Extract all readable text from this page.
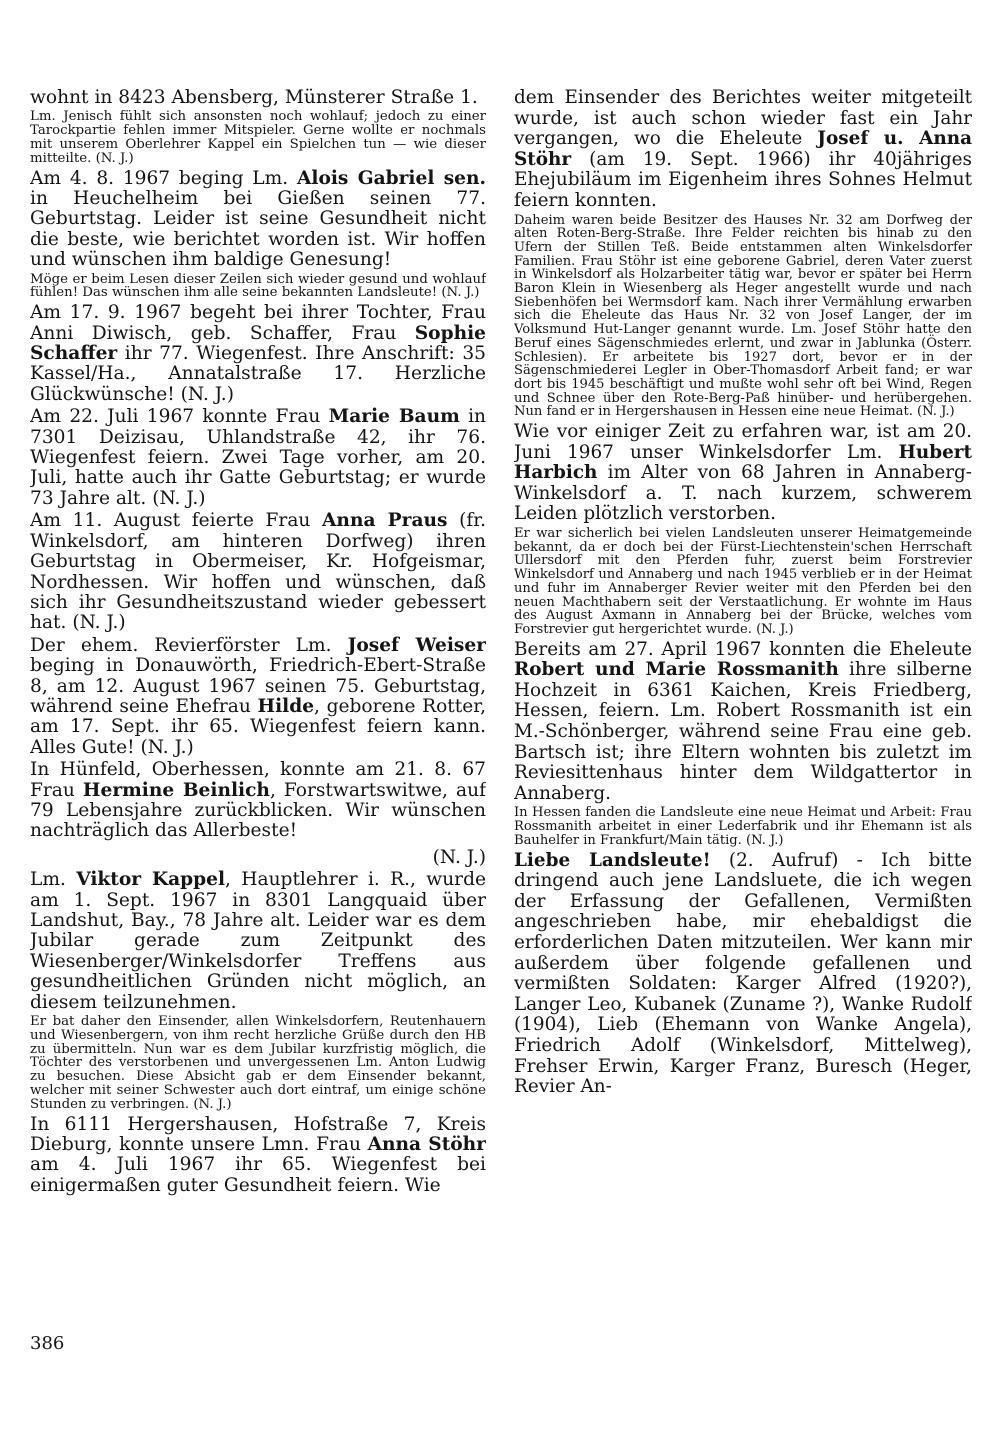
wohnt in 8423 Abensberg, Münsterer Straße 1.

Lm. Jenisch fühlt sich ansonsten noch wohlauf; jedoch zu einer Tarockpartie fehlen immer Mitspieler. Gerne wollte er nochmals mit unserem Oberlehrer Kappel ein Spielchen tun — wie dieser mitteilte. (N. J.)

Am 4. 8. 1967 beging Lm. Alois Gabriel sen. in Heuchelheim bei Gießen seinen 77. Geburtstag. Leider ist seine Gesundheit nicht die beste, wie berichtet worden ist. Wir hoffen und wünschen ihm baldige Genesung!

Möge er beim Lesen dieser Zeilen sich wieder gesund und wohlauf fühlen! Das wünschen ihm alle seine bekannten Landsleute! (N. J.)

Am 17. 9. 1967 begeht bei ihrer Tochter, Frau Anni Diwisch, geb. Schaffer, Frau Sophie Schaffer ihr 77. Wiegenfest. Ihre Anschrift: 35 Kassel/Ha., Annatalstraße 17. Herzliche Glückwünsche! (N. J.)

Am 22. Juli 1967 konnte Frau Marie Baum in 7301 Deizisau, Uhlandstraße 42, ihr 76. Wiegenfest feiern. Zwei Tage vorher, am 20. Juli, hatte auch ihr Gatte Geburtstag; er wurde 73 Jahre alt. (N. J.)

Am 11. August feierte Frau Anna Praus (fr. Winkelsdorf, am hinteren Dorfweg) ihren Geburtstag in Obermeiser, Kr. Hofgeismar, Nordhessen. Wir hoffen und wünschen, daß sich ihr Gesundheitszustand wieder gebessert hat. (N. J.)

Der ehem. Revierförster Lm. Josef Weiser beging in Donauwörth, Friedrich-Ebert-Straße 8, am 12. August 1967 seinen 75. Geburtstag, während seine Ehefrau Hilde, geborene Rotter, am 17. Sept. ihr 65. Wiegenfest feiern kann. Alles Gute! (N. J.)

In Hünfeld, Oberhessen, konnte am 21. 8. 67 Frau Hermine Beinlich, Forstwartswitwe, auf 79 Lebensjahre zurückblicken. Wir wünschen nachträglich das Allerbeste!

(N. J.)

Lm. Viktor Kappel, Hauptlehrer i. R., wurde am 1. Sept. 1967 in 8301 Langquaid über Landshut, Bay., 78 Jahre alt. Leider war es dem Jubilar gerade zum Zeitpunkt des Wiesenberger/Winkelsdorfer Treffens aus gesundheitlichen Gründen nicht möglich, an diesem teilzunehmen.

Er bat daher den Einsender, allen Winkelsdorfern, Reutenhauern und Wiesenbergern, von ihm recht herzliche Grüße durch den HB zu übermitteln. Nun war es dem Jubilar kurzfristig möglich, die Töchter des verstorbenen und unvergessenen Lm. Anton Ludwig zu besuchen. Diese Absicht gab er dem Einsender bekannt, welcher mit seiner Schwester auch dort eintraf, um einige schöne Stunden zu verbringen. (N. J.)

In 6111 Hergershausen, Hofstraße 7, Kreis Dieburg, konnte unsere Lmn. Frau Anna Stöhr am 4. Juli 1967 ihr 65. Wiegenfest bei einigermaßen guter Gesundheit feiern. Wie

dem Einsender des Berichtes weiter mitgeteilt wurde, ist auch schon wieder fast ein Jahr vergangen, wo die Eheleute Josef u. Anna Stöhr (am 19. Sept. 1966) ihr 40jähriges Ehejubiläum im Eigenheim ihres Sohnes Helmut feiern konnten.

Daheim waren beide Besitzer des Hauses Nr. 32 am Dorfweg der alten Roten-Berg-Straße. Ihre Felder reichten bis hinab zu den Ufern der Stillen Teß. Beide entstammen alten Winkelsdorfer Familien. Frau Stöhr ist eine geborene Gabriel, deren Vater zuerst in Winkelsdorf als Holzarbeiter tätig war, bevor er später bei Herrn Baron Klein in Wiesenberg als Heger angestellt wurde und nach Siebenhöfen bei Wermsdorf kam. Nach ihrer Vermählung erwarben sich die Eheleute das Haus Nr. 32 von Josef Langer, der im Volksmund Hut-Langer genannt wurde. Lm. Josef Stöhr hatte den Beruf eines Sägenschmiedes erlernt, und zwar in Jablunka (Österr. Schlesien). Er arbeitete bis 1927 dort, bevor er in der Sägenschmiederei Legler in Ober-Thomasdorf Arbeit fand; er war dort bis 1945 beschäftigt und mußte wohl sehr oft bei Wind, Regen und Schnee über den Rote-Berg-Paß hinüber- und herübergehen. Nun fand er in Hergershausen in Hessen eine neue Heimat. (N. J.)

Wie vor einiger Zeit zu erfahren war, ist am 20. Juni 1967 unser Winkelsdorfer Lm. Hubert Harbich im Alter von 68 Jahren in Annaberg-Winkelsdorf a. T. nach kurzem, schwerem Leiden plötzlich verstorben.

Er war sicherlich bei vielen Landsleuten unserer Heimatgemeinde bekannt, da er doch bei der Fürst-Liechtenstein'schen Herrschaft Ullersdorf mit den Pferden fuhr, zuerst beim Forstrevier Winkelsdorf und Annaberg und nach 1945 verblieb er in der Heimat und fuhr im Annaberger Revier weiter mit den Pferden bei den neuen Machthabern seit der Verstaatlichung. Er wohnte im Haus des August Axmann in Annaberg bei der Brücke, welches vom Forstrevier gut hergerichtet wurde. (N. J.)

Bereits am 27. April 1967 konnten die Eheleute Robert und Marie Rossmanith ihre silberne Hochzeit in 6361 Kaichen, Kreis Friedberg, Hessen, feiern. Lm. Robert Rossmanith ist ein M.-Schönberger, während seine Frau eine geb. Bartsch ist; ihre Eltern wohnten bis zuletzt im Reviesittenhaus hinter dem Wildgattertor in Annaberg.

In Hessen fanden die Landsleute eine neue Heimat und Arbeit: Frau Rossmanith arbeitet in einer Lederfabrik und ihr Ehemann ist als Bauhelfer in Frankfurt/Main tätig. (N. J.)

Liebe Landsleute! (2. Aufruf) - Ich bitte dringend auch jene Landsluete, die ich wegen der Erfassung der Gefallenen, Vermißten angeschrieben habe, mir ehebaldigst die erforderlichen Daten mitzuteilen. Wer kann mir außerdem über folgende gefallenen und vermißten Soldaten: Karger Alfred (1920?), Langer Leo, Kubanek (Zuname ?), Wanke Rudolf (1904), Lieb (Ehemann von Wanke Angela), Friedrich Adolf (Winkelsdorf, Mittelweg), Frehser Erwin, Karger Franz, Buresch (Heger, Revier An-

386
